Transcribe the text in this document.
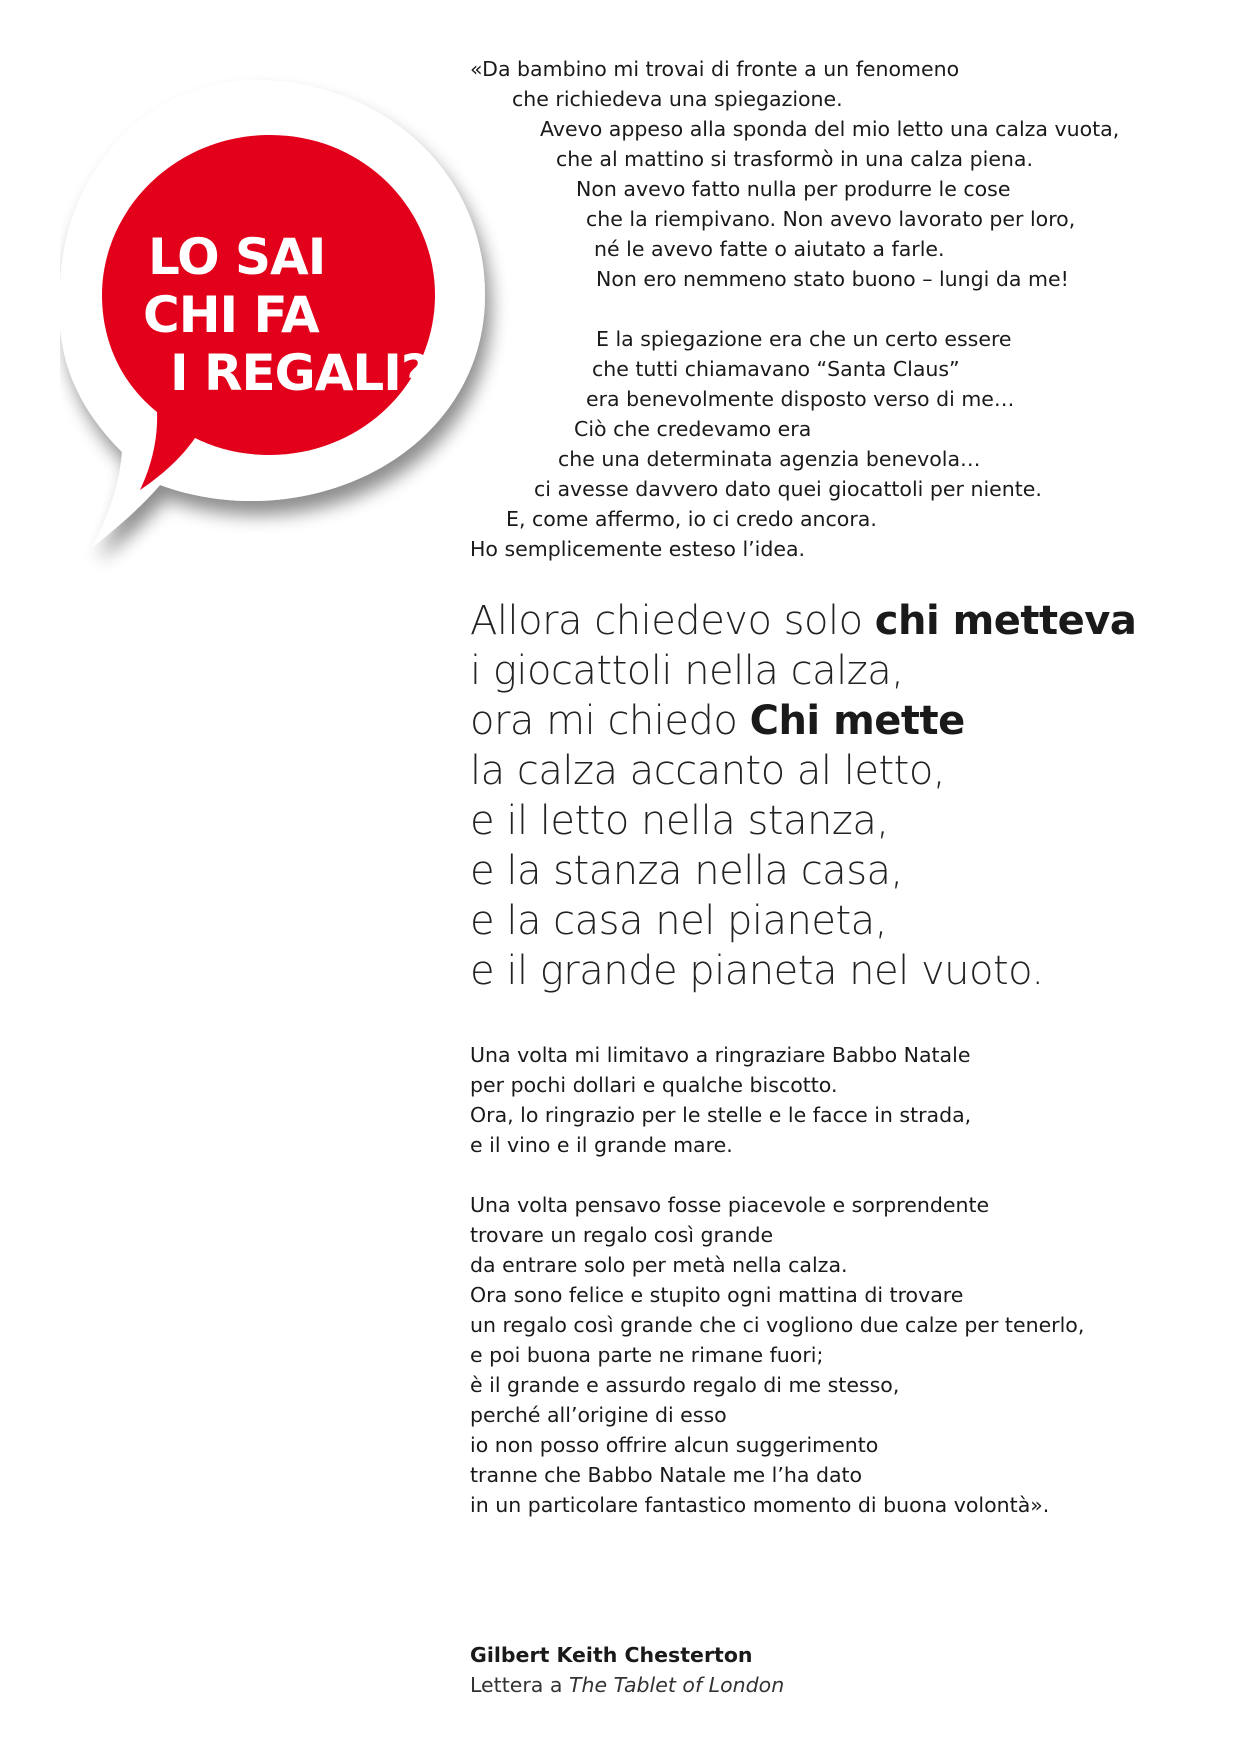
LO SAI
CHI FA
I REGALI?
«Da bambino mi trovai di fronte a un fenomeno
che richiedeva una spiegazione.
Avevo appeso alla sponda del mio letto una calza vuota,
che al mattino si trasformò in una calza piena.
Non avevo fatto nulla per produrre le cose
che la riempivano. Non avevo lavorato per loro,
né le avevo fatte o aiutato a farle.
Non ero nemmeno stato buono – lungi da me!
E la spiegazione era che un certo essere
che tutti chiamavano “Santa Claus”
era benevolmente disposto verso di me…
Ciò che credevamo era
che una determinata agenzia benevola…
ci avesse davvero dato quei giocattoli per niente.
E, come affermo, io ci credo ancora.
Ho semplicemente esteso l’idea.
Allora chiedevo solo chi metteva
i giocattoli nella calza,
ora mi chiedo Chi mette
la calza accanto al letto,
e il letto nella stanza,
e la stanza nella casa,
e la casa nel pianeta,
e il grande pianeta nel vuoto.
Una volta mi limitavo a ringraziare Babbo Natale
per pochi dollari e qualche biscotto.
Ora, lo ringrazio per le stelle e le facce in strada,
e il vino e il grande mare.
Una volta pensavo fosse piacevole e sorprendente
trovare un regalo così grande
da entrare solo per metà nella calza.
Ora sono felice e stupito ogni mattina di trovare
un regalo così grande che ci vogliono due calze per tenerlo,
e poi buona parte ne rimane fuori;
è il grande e assurdo regalo di me stesso,
perché all’origine di esso
io non posso offrire alcun suggerimento
tranne che Babbo Natale me l’ha dato
in un particolare fantastico momento di buona volontà».
Gilbert Keith Chesterton
Lettera a The Tablet of London
